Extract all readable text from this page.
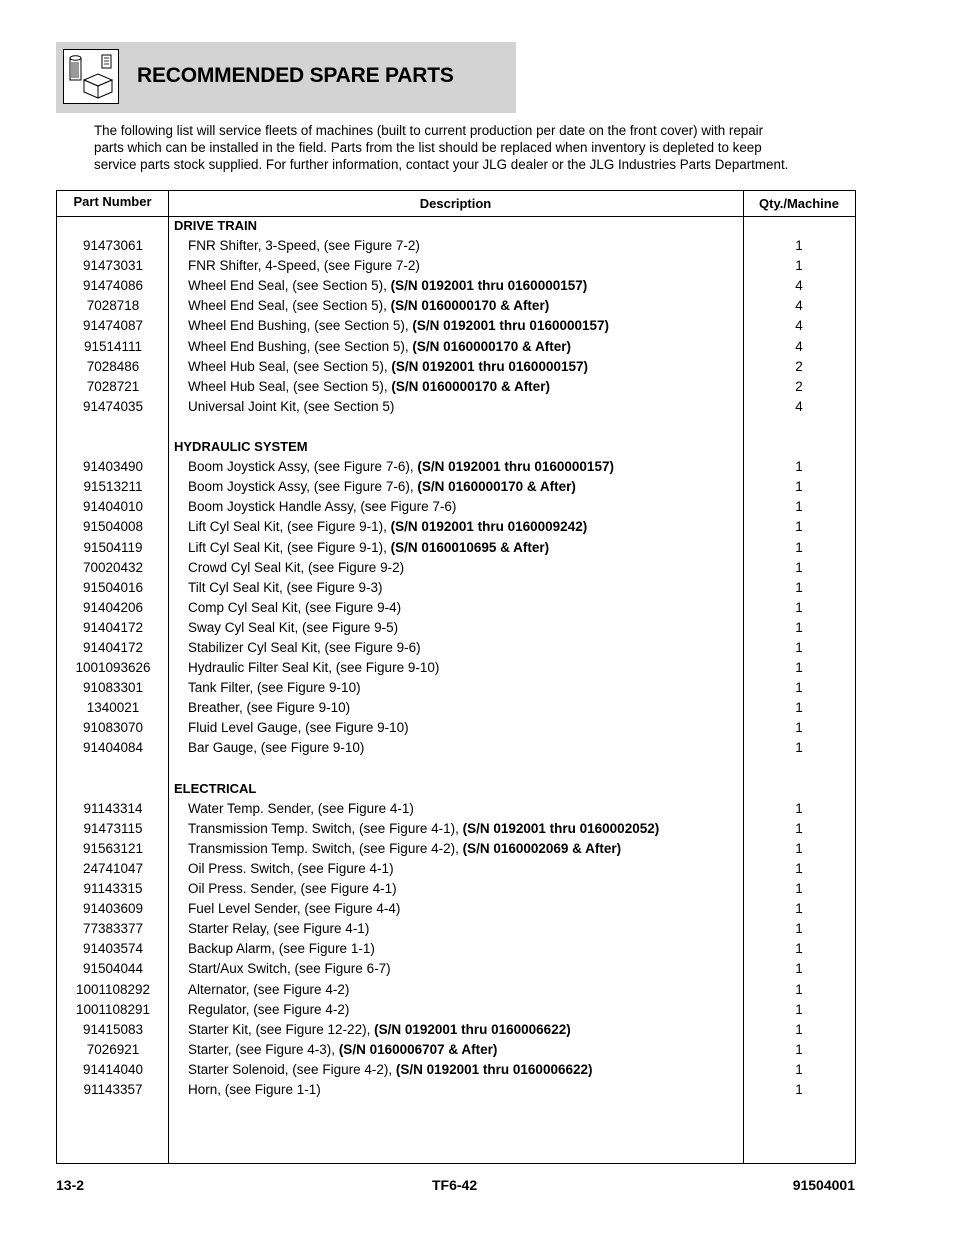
RECOMMENDED SPARE PARTS
The following list will service fleets of machines (built to current production per date on the front cover) with repair
parts which can be installed in the field. Parts from the list should be replaced when inventory is depleted to keep
service parts stock supplied. For further information, contact your JLG dealer or the JLG Industries Parts Department.
Part Number	Description	Qty./Machine
DRIVE TRAIN
91473061	FNR Shifter, 3-Speed, (see Figure 7-2)	1
91473031	FNR Shifter, 4-Speed, (see Figure 7-2)	1
91474086	Wheel End Seal, (see Section 5), (S/N 0192001 thru 0160000157)	4
7028718	Wheel End Seal, (see Section 5), (S/N 0160000170 & After)	4
91474087	Wheel End Bushing, (see Section 5), (S/N 0192001 thru 0160000157)	4
91514111	Wheel End Bushing, (see Section 5), (S/N 0160000170 & After)	4
7028486	Wheel Hub Seal, (see Section 5), (S/N 0192001 thru 0160000157)	2
7028721	Wheel Hub Seal, (see Section 5), (S/N 0160000170 & After)	2
91474035	Universal Joint Kit, (see Section 5)	4
HYDRAULIC SYSTEM
91403490	Boom Joystick Assy, (see Figure 7-6), (S/N 0192001 thru 0160000157)	1
91513211	Boom Joystick Assy, (see Figure 7-6), (S/N 0160000170 & After)	1
91404010	Boom Joystick Handle Assy, (see Figure 7-6)	1
91504008	Lift Cyl Seal Kit, (see Figure 9-1), (S/N 0192001 thru 0160009242)	1
91504119	Lift Cyl Seal Kit, (see Figure 9-1), (S/N 0160010695 & After)	1
70020432	Crowd Cyl Seal Kit, (see Figure 9-2)	1
91504016	Tilt Cyl Seal Kit, (see Figure 9-3)	1
91404206	Comp Cyl Seal Kit, (see Figure 9-4)	1
91404172	Sway Cyl Seal Kit, (see Figure 9-5)	1
91404172	Stabilizer Cyl Seal Kit, (see Figure 9-6)	1
1001093626	Hydraulic Filter Seal Kit, (see Figure 9-10)	1
91083301	Tank Filter, (see Figure 9-10)	1
1340021	Breather, (see Figure 9-10)	1
91083070	Fluid Level Gauge, (see Figure 9-10)	1
91404084	Bar Gauge, (see Figure 9-10)	1
ELECTRICAL
91143314	Water Temp. Sender, (see Figure 4-1)	1
91473115	Transmission Temp. Switch, (see Figure 4-1), (S/N 0192001 thru 0160002052)	1
91563121	Transmission Temp. Switch, (see Figure 4-2), (S/N 0160002069 & After)	1
24741047	Oil Press. Switch, (see Figure 4-1)	1
91143315	Oil Press. Sender, (see Figure 4-1)	1
91403609	Fuel Level Sender, (see Figure 4-4)	1
77383377	Starter Relay, (see Figure 4-1)	1
91403574	Backup Alarm, (see Figure 1-1)	1
91504044	Start/Aux Switch, (see Figure 6-7)	1
1001108292	Alternator, (see Figure 4-2)	1
1001108291	Regulator, (see Figure 4-2)	1
91415083	Starter Kit, (see Figure 12-22), (S/N 0192001 thru 0160006622)	1
7026921	Starter, (see Figure 4-3), (S/N 0160006707 & After)	1
91414040	Starter Solenoid, (see Figure 4-2), (S/N 0192001 thru 0160006622)	1
91143357	Horn, (see Figure 1-1)	1
13-2	TF6-42	91504001
